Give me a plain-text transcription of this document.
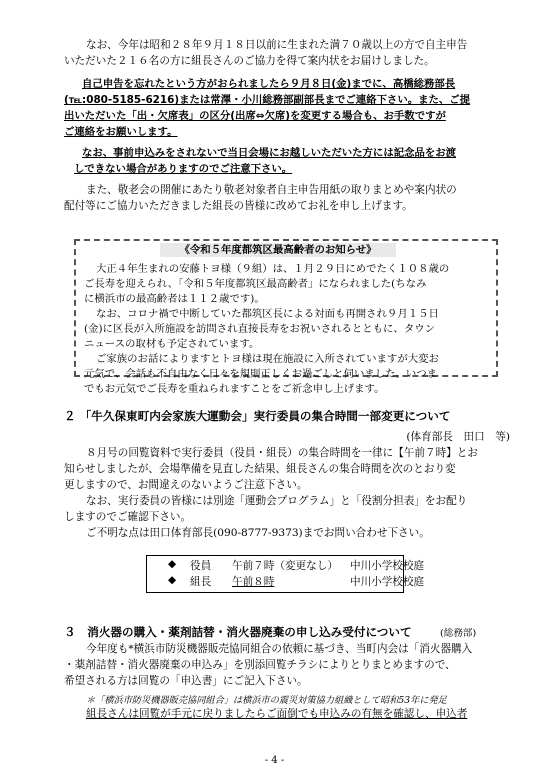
なお、今年は昭和２８年９月１８日以前に生まれた満７０歳以上の方で自主申告

いただいた２１６名の方に組長さんのご協力を得て案内状をお届けしました。

自己申告を忘れたという方がおられましたら９月８日(金)までに、高橋総務部長

(℡:080-5185-6216)または常澤・小川総務部副部長までご連絡下さい。また、ご提

出いただいた「出・欠席表」の区分(出席⇔欠席)を変更する場合も、お手数ですが

ご連絡をお願いします。

なお、事前申込みをされないで当日会場にお越しいただいた方には記念品をお渡

しできない場合がありますのでご注意下さい。

また、敬老会の開催にあたり敬老対象者自主申告用紙の取りまとめや案内状の

配付等にご協力いただきました組長の皆様に改めてお礼を申し上げます。

《令和５年度都筑区最高齢者のお知らせ》

大正４年生まれの安藤トヨ様（９組）は、１月２９日にめでたく１０８歳の

ご長寿を迎えられ、「令和５年度都筑区最高齢者」になられました(ちなみ

に横浜市の最高齢者は１１２歳です)。

なお、コロナ禍で中断していた都筑区長による対面も再開され９月１５日

(金)に区長が入所施設を訪問され直接長寿をお祝いされるとともに、タウン

ニュースの取材も予定されています。

ご家族のお話によりますとトヨ様は現在施設に入所されていますが大変お

２ 「牛久保東町内会家族大運動会」実行委員の集合時間一部変更について
(体育部長　田口　等)

８月号の回覧資料で実行委員（役員・組長）の集合時間を一律に【午前７時】とお

知らせしましたが、会場準備を見直した結果、組長さんの集合時間を次のとおり変

更しますので、お間違えのないようご注意下さい。

なお、実行委員の皆様には別途「運動会プログラム」と「役割分担表」をお配り

しますのでご確認下さい。

ご不明な点は田口体育部長(090-8777-9373)までお問い合わせ下さい。

◆ 役員 午前７時（変更なし） 中川小学校校庭
◆ 組長 午前８時	中川小学校校庭
３　消火器の購入・薬剤詰替・消火器廃棄の申し込み受付について	(総務部)

今年度も*横浜市防災機器販売協同組合の依頼に基づき、当町内会は「消火器購入

・薬剤詰替・消火器廃棄の申込み」を別添回覧チラシによりとりまとめますので、

希望される方は回覧の「申込書」にご記入下さい。

＊「横浜市防災機器販売協同組合」は横浜市の震災対策協力組織として昭和53年に発足

組長さんは回覧が手元に戻りましたらご面倒でも申込みの有無を確認し、申込者

- 4 -

元気で、会話も不自由なく日々を規則正しくお過ごしと伺いました。いつま

でもお元気でご長寿を重ねられますことをご祈念申し上げます。
